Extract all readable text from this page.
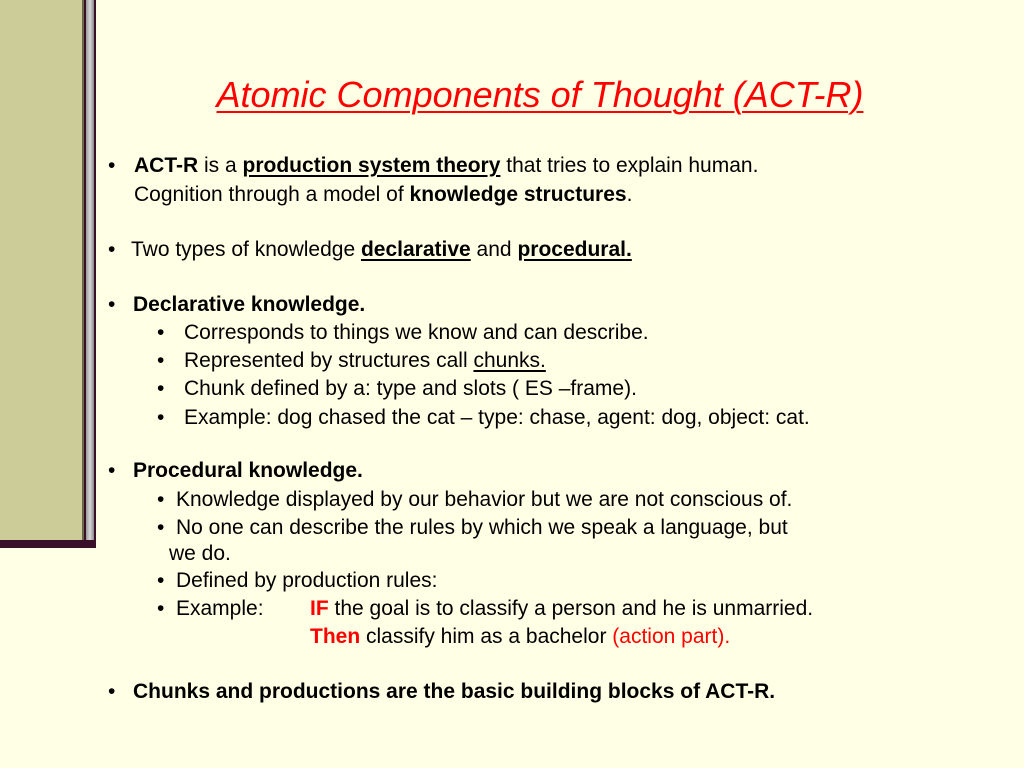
Atomic Components of Thought (ACT-R)
• ACT-R is a production system theory that tries to explain human.
Cognition through a model of knowledge structures.
• Two types of knowledge declarative and procedural.
• Declarative knowledge.
• Corresponds to things we know and can describe.
• Represented by structures call chunks.
• Chunk defined by a: type and slots ( ES –frame).
• Example: dog chased the cat – type: chase, agent: dog, object: cat.
• Procedural knowledge.
• Knowledge displayed by our behavior but we are not conscious of.
• No one can describe the rules by which we speak a language, but
we do.
• Defined by production rules:
• Example: IF the goal is to classify a person and he is unmarried.
Then classify him as a bachelor (action part).
• Chunks and productions are the basic building blocks of ACT-R.
